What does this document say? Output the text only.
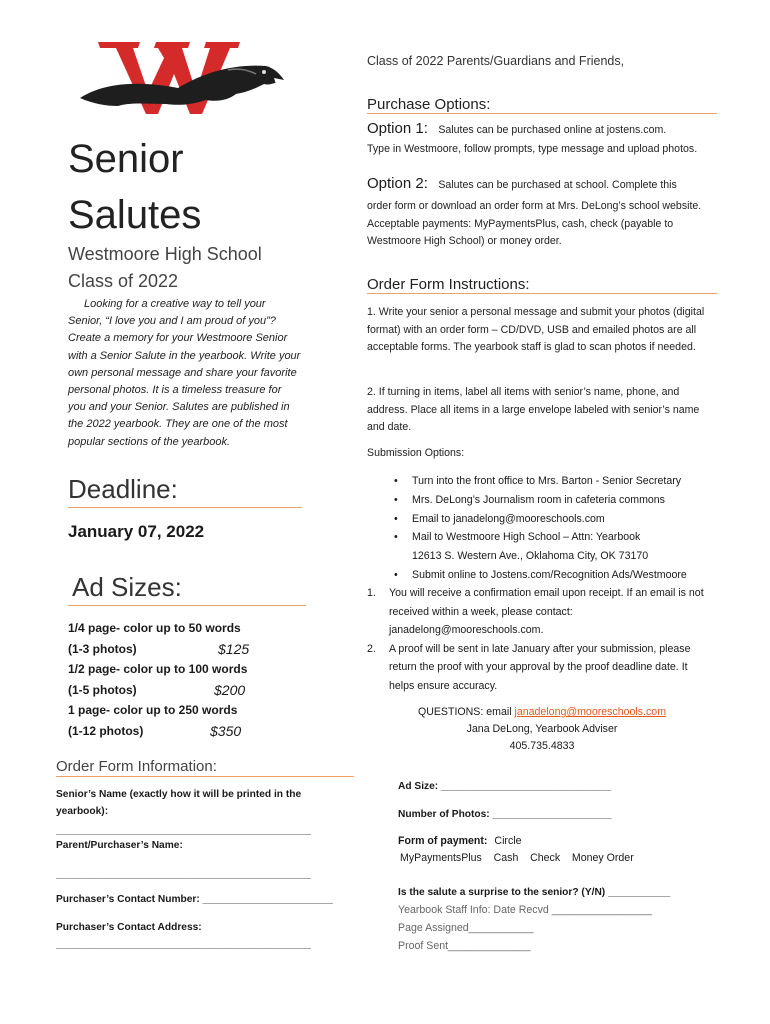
Senior
Salutes
Westmoore High School
Class of 2022
Looking for a creative way to tell your Senior, “I love you and I am proud of you”? Create a memory for your Westmoore Senior with a Senior Salute in the yearbook. Write your own personal message and share your favorite personal photos. It is a timeless treasure for you and your Senior. Salutes are published in the 2022 yearbook. They are one of the most popular sections of the yearbook.
Deadline:
January 07, 2022
Ad Sizes:
1/4 page- color up to 50 words
(1-3 photos)	$125
1/2 page- color up to 100 words
(1-5 photos)	$200
1 page- color up to 250 words
(1-12 photos)	$350
Order Form Information:
Senior’s Name (exactly how it will be printed in the yearbook):
_____________________________________________
Parent/Purchaser’s Name:
_____________________________________________
Purchaser’s Contact Number: _______________________
Purchaser’s Contact Address:
_____________________________________________
Class of 2022 Parents/Guardians and Friends,
Purchase Options:
Option 1: Salutes can be purchased online at jostens.com.
Type in Westmoore, follow prompts, type message and upload photos.
Option 2: Salutes can be purchased at school. Complete this
order form or download an order form at Mrs. DeLong’s school website. Acceptable payments: MyPaymentsPlus, cash, check (payable to Westmoore High School) or money order.
Order Form Instructions:
1. Write your senior a personal message and submit your photos (digital format) with an order form – CD/DVD, USB and emailed photos are all acceptable forms. The yearbook staff is glad to scan photos if needed.
2. If turning in items, label all items with senior’s name, phone, and address. Place all items in a large envelope labeled with senior’s name and date.
Submission Options:
• Turn into the front office to Mrs. Barton - Senior Secretary
• Mrs. DeLong’s Journalism room in cafeteria commons
• Email to janadelong@mooreschools.com
• Mail to Westmoore High School – Attn: Yearbook
12613 S. Western Ave., Oklahoma City, OK 73170
• Submit online to Jostens.com/Recognition Ads/Westmoore
1.	You will receive a confirmation email upon receipt. If an email is not received within a week, please contact: janadelong@mooreschools.com.
2.	A proof will be sent in late January after your submission, please return the proof with your approval by the proof deadline date. It helps ensure accuracy.
QUESTIONS: email janadelong@mooreschools.com
Jana DeLong, Yearbook Adviser
405.735.4833
Ad Size: ______________________________
Number of Photos: _____________________
Form of payment: Circle
MyPaymentsPlus    Cash    Check    Money Order
Is the salute a surprise to the senior? (Y/N) ___________
Yearbook Staff Info: Date Recvd _________________
Page Assigned___________
Proof Sent______________
